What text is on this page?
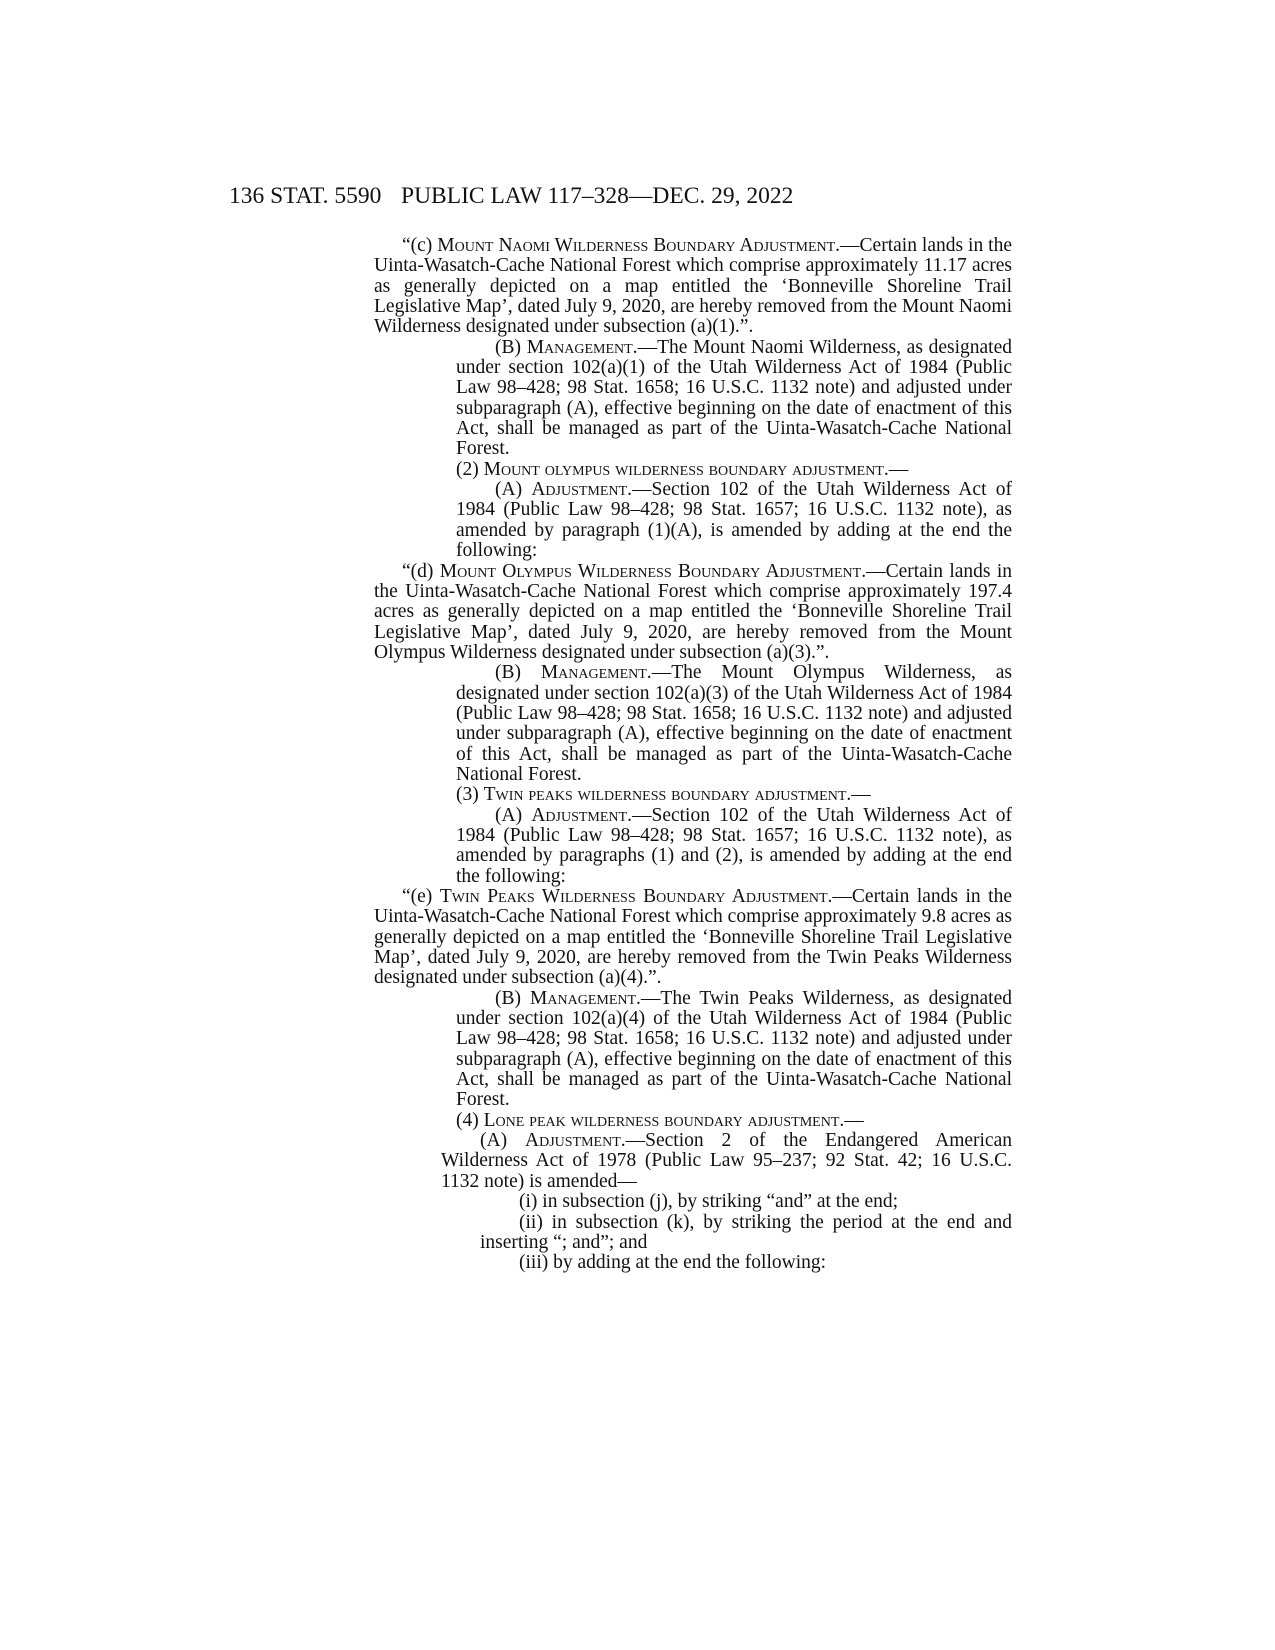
136 STAT. 5590 PUBLIC LAW 117–328—DEC. 29, 2022

“(c) Mount Naomi Wilderness Boundary Adjustment.—Certain lands in the Uinta-Wasatch-Cache National Forest which comprise approximately 11.17 acres as generally depicted on a map entitled the ‘Bonneville Shoreline Trail Legislative Map’, dated July 9, 2020, are hereby removed from the Mount Naomi Wilderness designated under subsection (a)(1).”.

(B) Management.—The Mount Naomi Wilderness, as designated under section 102(a)(1) of the Utah Wilderness Act of 1984 (Public Law 98–428; 98 Stat. 1658; 16 U.S.C. 1132 note) and adjusted under subparagraph (A), effective beginning on the date of enactment of this Act, shall be managed as part of the Uinta-Wasatch-Cache National Forest.

(2) Mount olympus wilderness boundary adjustment.—

(A) Adjustment.—Section 102 of the Utah Wilderness Act of 1984 (Public Law 98–428; 98 Stat. 1657; 16 U.S.C. 1132 note), as amended by paragraph (1)(A), is amended by adding at the end the following:

“(d) Mount Olympus Wilderness Boundary Adjustment.—Certain lands in the Uinta-Wasatch-Cache National Forest which comprise approximately 197.4 acres as generally depicted on a map entitled the ‘Bonneville Shoreline Trail Legislative Map’, dated July 9, 2020, are hereby removed from the Mount Olympus Wilderness designated under subsection (a)(3).”.

(B) Management.—The Mount Olympus Wilderness, as designated under section 102(a)(3) of the Utah Wilderness Act of 1984 (Public Law 98–428; 98 Stat. 1658; 16 U.S.C. 1132 note) and adjusted under subparagraph (A), effective beginning on the date of enactment of this Act, shall be managed as part of the Uinta-Wasatch-Cache National Forest.

(3) Twin peaks wilderness boundary adjustment.—

(A) Adjustment.—Section 102 of the Utah Wilderness Act of 1984 (Public Law 98–428; 98 Stat. 1657; 16 U.S.C. 1132 note), as amended by paragraphs (1) and (2), is amended by adding at the end the following:

“(e) Twin Peaks Wilderness Boundary Adjustment.—Certain lands in the Uinta-Wasatch-Cache National Forest which comprise approximately 9.8 acres as generally depicted on a map entitled the ‘Bonneville Shoreline Trail Legislative Map’, dated July 9, 2020, are hereby removed from the Twin Peaks Wilderness designated under subsection (a)(4).”.

(B) Management.—The Twin Peaks Wilderness, as designated under section 102(a)(4) of the Utah Wilderness Act of 1984 (Public Law 98–428; 98 Stat. 1658; 16 U.S.C. 1132 note) and adjusted under subparagraph (A), effective beginning on the date of enactment of this Act, shall be managed as part of the Uinta-Wasatch-Cache National Forest.

(4) Lone peak wilderness boundary adjustment.—

(A) Adjustment.—Section 2 of the Endangered American Wilderness Act of 1978 (Public Law 95–237; 92 Stat. 42; 16 U.S.C. 1132 note) is amended—

(i) in subsection (j), by striking “and” at the end;

(ii) in subsection (k), by striking the period at the end and inserting “; and”; and

(iii) by adding at the end the following:
